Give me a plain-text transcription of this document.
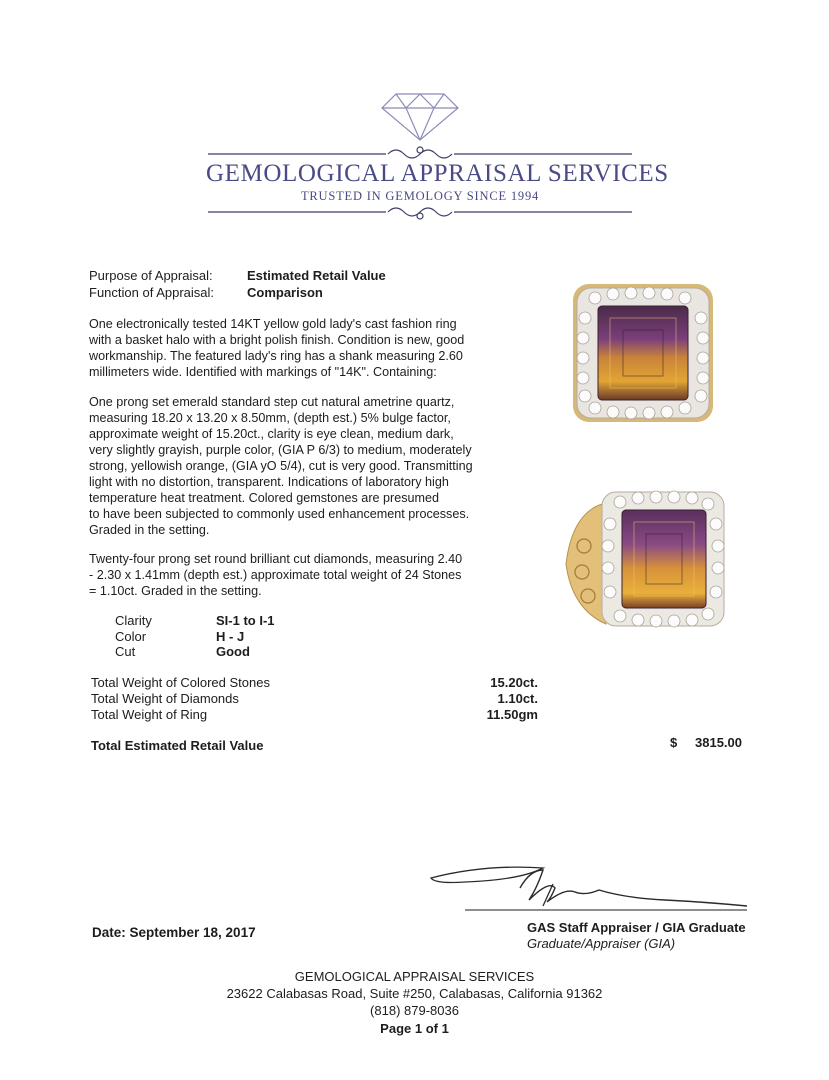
GEMOLOGICAL APPRAISAL SERVICES
TRUSTED IN GEMOLOGY SINCE 1994
Purpose of Appraisal:	Estimated Retail Value
Function of Appraisal:	Comparison
One electronically tested 14KT yellow gold lady's cast fashion ring
with a basket halo with a bright polish finish. Condition is new, good
workmanship. The featured lady's ring has a shank measuring 2.60
millimeters wide. Identified with markings of "14K". Containing:
One prong set emerald standard step cut natural ametrine quartz,
measuring 18.20 x 13.20 x 8.50mm, (depth est.) 5% bulge factor,
approximate weight of 15.20ct., clarity is eye clean, medium dark,
very slightly grayish, purple color, (GIA P 6/3) to medium, moderately
strong, yellowish orange, (GIA yO 5/4), cut is very good. Transmitting
light with no distortion, transparent. Indications of laboratory high
temperature heat treatment. Colored gemstones are presumed
to have been subjected to commonly used enhancement processes.
Graded in the setting.
Twenty-four prong set round brilliant cut diamonds, measuring 2.40
- 2.30 x 1.41mm (depth est.) approximate total weight of 24 Stones
= 1.10ct. Graded in the setting.
Clarity	SI-1 to I-1
Color	H - J
Cut	Good
Total Weight of Colored Stones	15.20ct.
Total Weight of Diamonds	1.10ct.
Total Weight of Ring	11.50gm
Total Estimated Retail Value	$	3815.00
Date: September 18, 2017	GAS Staff Appraiser / GIA Graduate
Graduate/Appraiser (GIA)
GEMOLOGICAL APPRAISAL SERVICES
23622 Calabasas Road, Suite #250, Calabasas, California 91362
(818) 879-8036
Page 1 of 1
